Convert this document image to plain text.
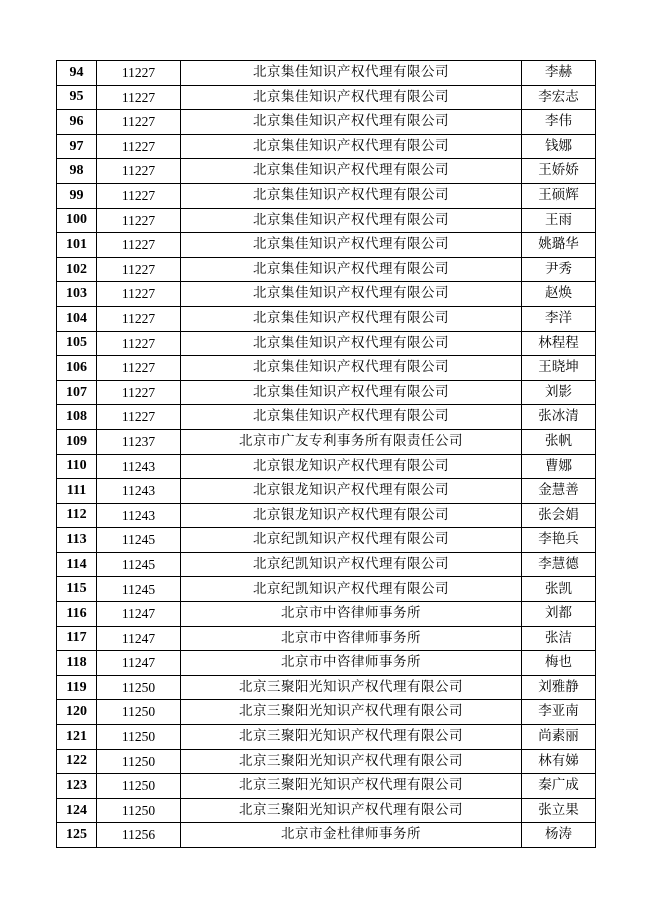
94	11227	北京集佳知识产权代理有限公司	李赫
95	11227	北京集佳知识产权代理有限公司	李宏志
96	11227	北京集佳知识产权代理有限公司	李伟
97	11227	北京集佳知识产权代理有限公司	钱娜
98	11227	北京集佳知识产权代理有限公司	王娇娇
99	11227	北京集佳知识产权代理有限公司	王硕辉
100	11227	北京集佳知识产权代理有限公司	王雨
101	11227	北京集佳知识产权代理有限公司	姚璐华
102	11227	北京集佳知识产权代理有限公司	尹秀
103	11227	北京集佳知识产权代理有限公司	赵焕
104	11227	北京集佳知识产权代理有限公司	李洋
105	11227	北京集佳知识产权代理有限公司	林程程
106	11227	北京集佳知识产权代理有限公司	王晓坤
107	11227	北京集佳知识产权代理有限公司	刘影
108	11227	北京集佳知识产权代理有限公司	张冰清
109	11237	北京市广友专利事务所有限责任公司	张帆
110	11243	北京银龙知识产权代理有限公司	曹娜
111	11243	北京银龙知识产权代理有限公司	金慧善
112	11243	北京银龙知识产权代理有限公司	张会娟
113	11245	北京纪凯知识产权代理有限公司	李艳兵
114	11245	北京纪凯知识产权代理有限公司	李慧德
115	11245	北京纪凯知识产权代理有限公司	张凯
116	11247	北京市中咨律师事务所	刘都
117	11247	北京市中咨律师事务所	张洁
118	11247	北京市中咨律师事务所	梅也
119	11250	北京三聚阳光知识产权代理有限公司	刘雅静
120	11250	北京三聚阳光知识产权代理有限公司	李亚南
121	11250	北京三聚阳光知识产权代理有限公司	尚素丽
122	11250	北京三聚阳光知识产权代理有限公司	林有娣
123	11250	北京三聚阳光知识产权代理有限公司	秦广成
124	11250	北京三聚阳光知识产权代理有限公司	张立果
125	11256	北京市金杜律师事务所	杨涛
